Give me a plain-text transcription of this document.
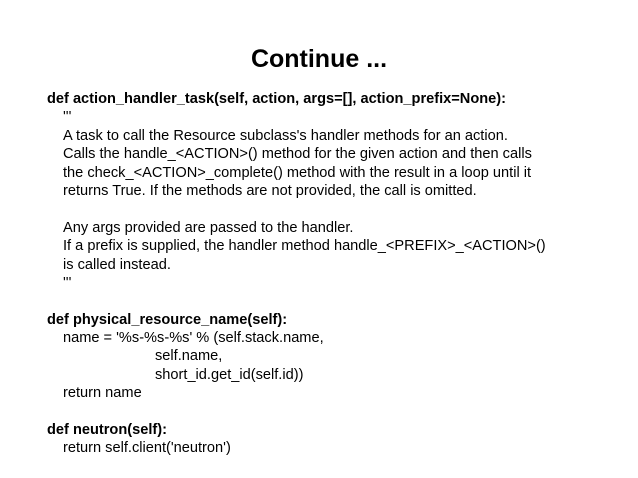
Continue ...
def action_handler_task(self, action, args=[], action_prefix=None):
'''
A task to call the Resource subclass's handler methods for an action.
Calls the handle_<ACTION>() method for the given action and then calls
the check_<ACTION>_complete() method with the result in a loop until it
returns True. If the methods are not provided, the call is omitted.
Any args provided are passed to the handler.
If a prefix is supplied, the handler method handle_<PREFIX>_<ACTION>()
is called instead.
'''
def physical_resource_name(self):
name = '%s-%s-%s' % (self.stack.name,
self.name,
short_id.get_id(self.id))
return name
def neutron(self):
return self.client('neutron')
